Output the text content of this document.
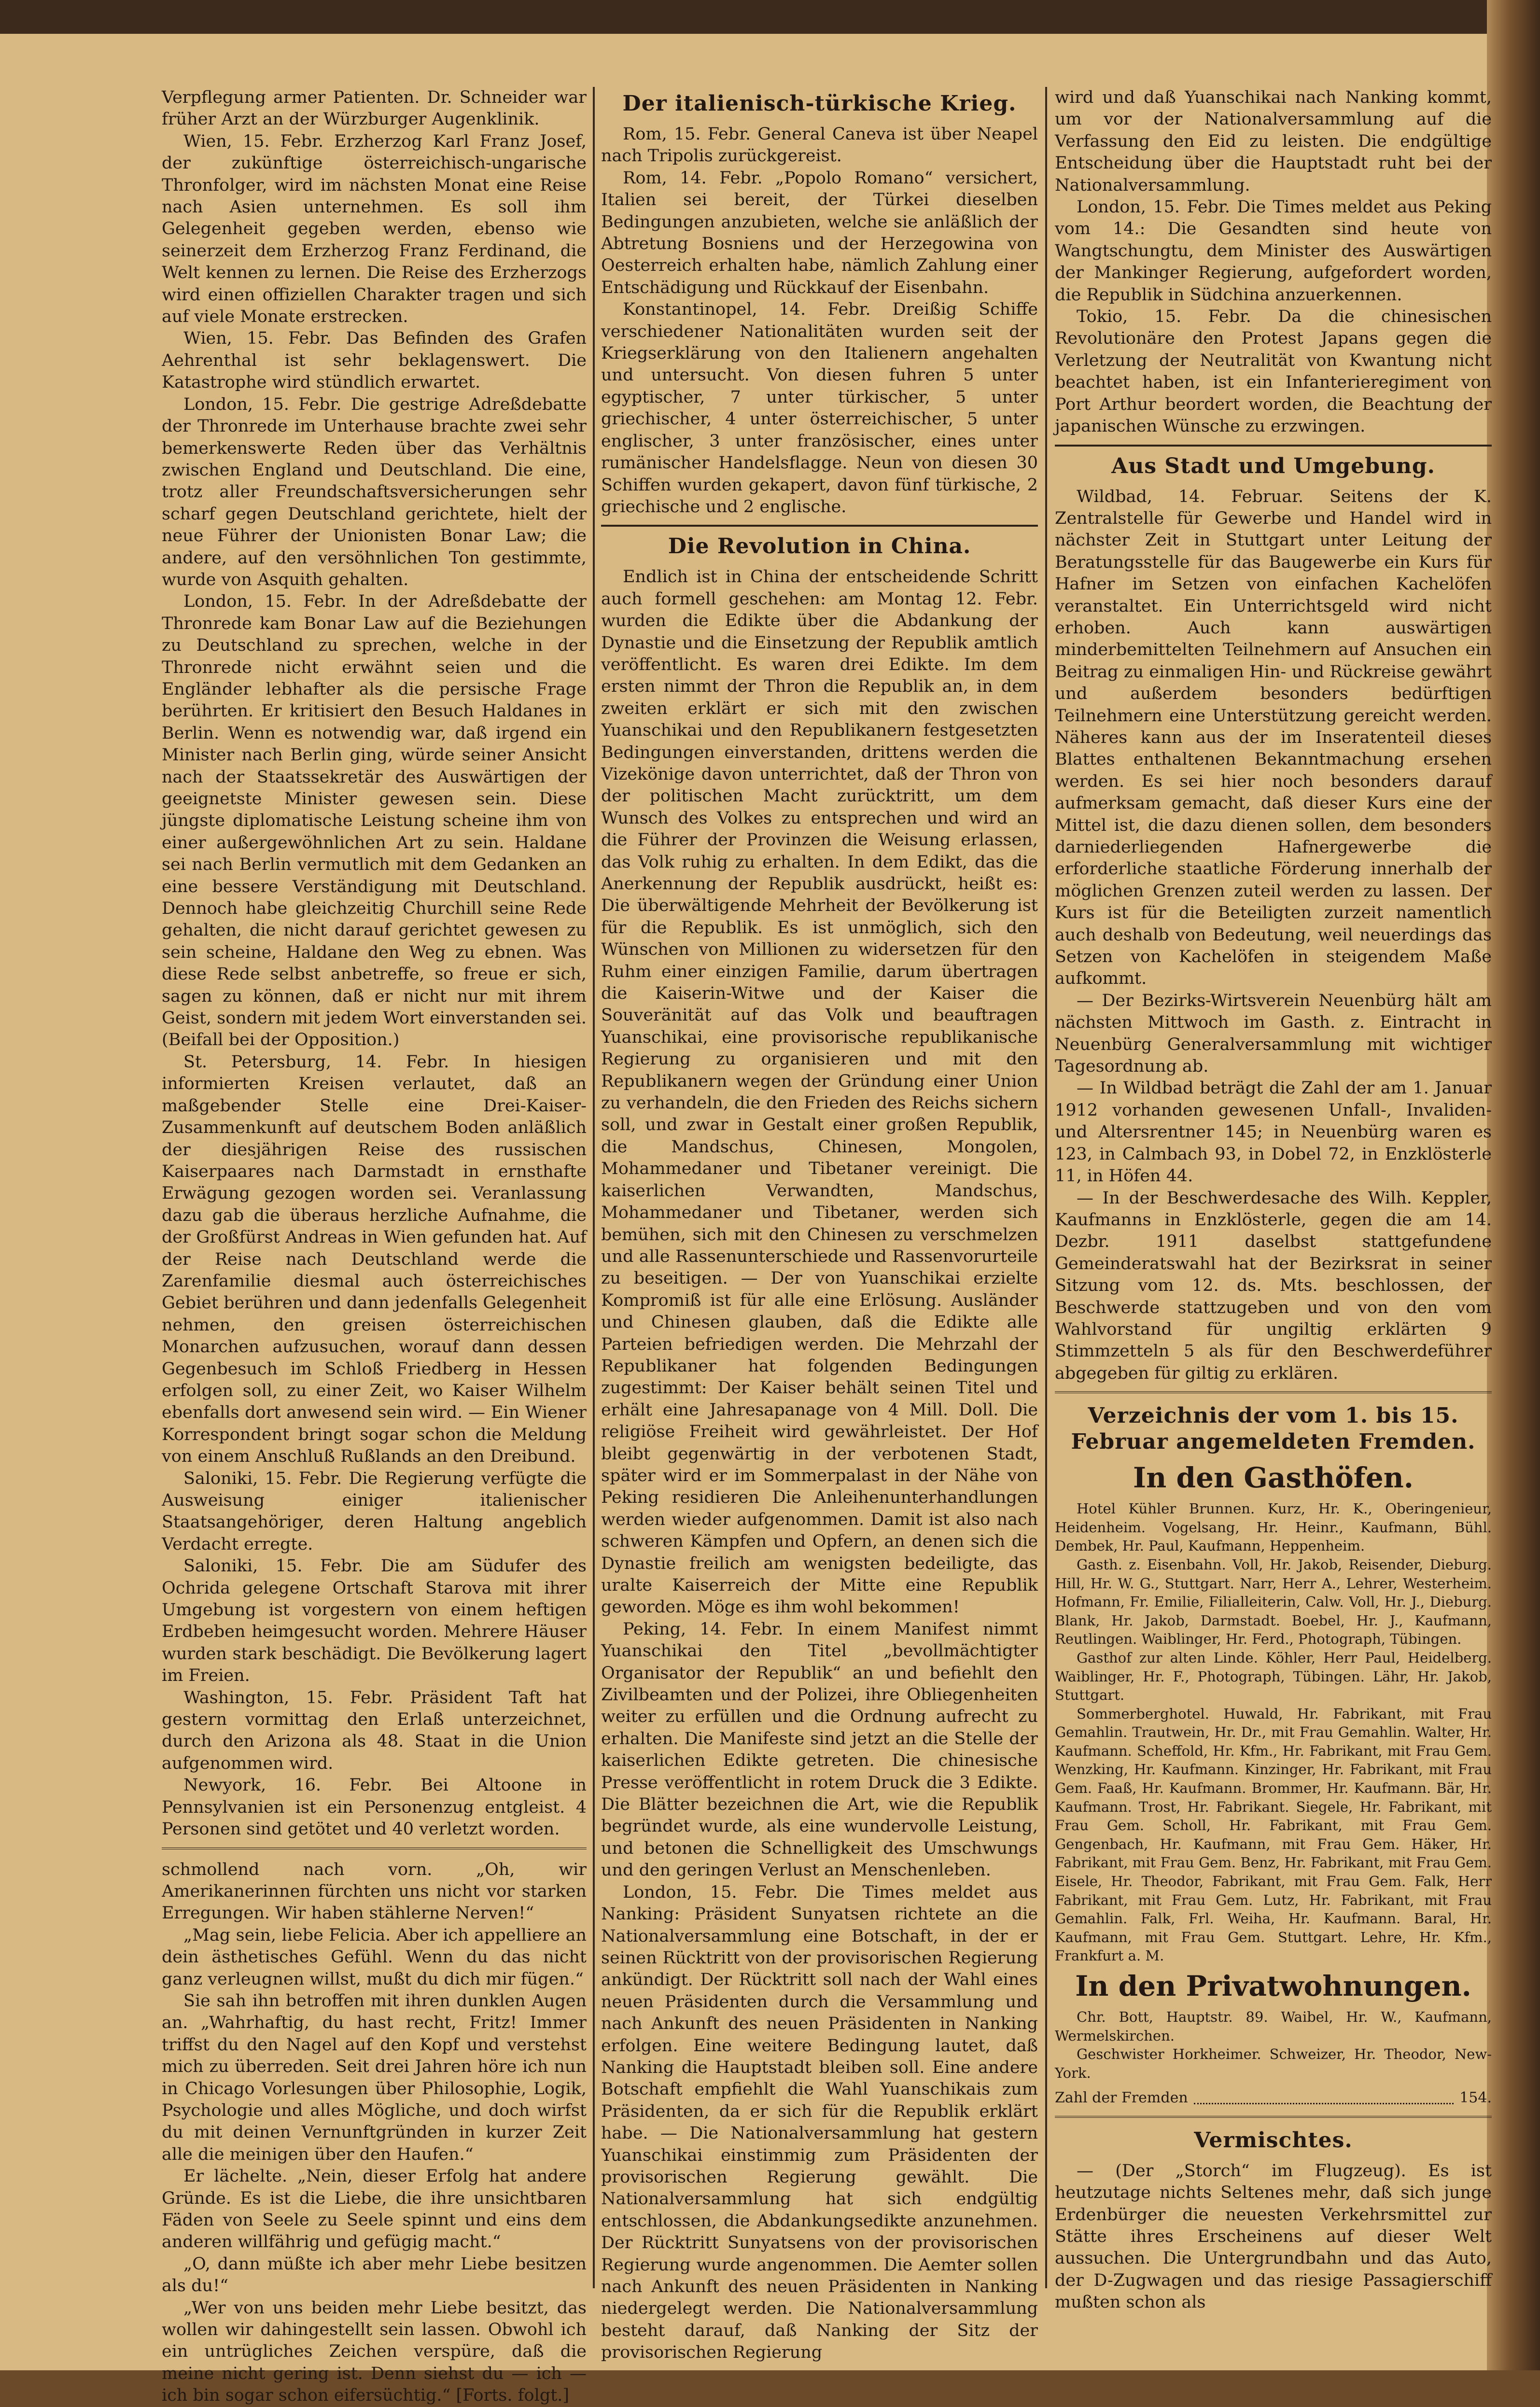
Verpflegung armer Patienten. Dr. Schneider war früher Arzt an der Würzburger Augenklinik.

Wien, 15. Febr. Erzherzog Karl Franz Josef, der zukünftige österreichisch-ungarische Thronfolger, wird im nächsten Monat eine Reise nach Asien unternehmen. Es soll ihm Gelegenheit gegeben werden, ebenso wie seinerzeit dem Erzherzog Franz Ferdinand, die Welt kennen zu lernen. Die Reise des Erzherzogs wird einen offiziellen Charakter tragen und sich auf viele Monate erstrecken.

Wien, 15. Febr. Das Befinden des Grafen Aehrenthal ist sehr beklagenswert. Die Katastrophe wird stündlich erwartet.

London, 15. Febr. Die gestrige Adreßdebatte der Thronrede im Unterhause brachte zwei sehr bemerkenswerte Reden über das Verhältnis zwischen England und Deutschland. Die eine, trotz aller Freundschaftsversicherungen sehr scharf gegen Deutschland gerichtete, hielt der neue Führer der Unionisten Bonar Law; die andere, auf den versöhnlichen Ton gestimmte, wurde von Asquith gehalten.

London, 15. Febr. In der Adreßdebatte der Thronrede kam Bonar Law auf die Beziehungen zu Deutschland zu sprechen, welche in der Thronrede nicht erwähnt seien und die Engländer lebhafter als die persische Frage berührten. Er kritisiert den Besuch Haldanes in Berlin. Wenn es notwendig war, daß irgend ein Minister nach Berlin ging, würde seiner Ansicht nach der Staatssekretär des Auswärtigen der geeignetste Minister gewesen sein. Diese jüngste diplomatische Leistung scheine ihm von einer außergewöhnlichen Art zu sein. Haldane sei nach Berlin vermutlich mit dem Gedanken an eine bessere Verständigung mit Deutschland. Dennoch habe gleichzeitig Churchill seine Rede gehalten, die nicht darauf gerichtet gewesen zu sein scheine, Haldane den Weg zu ebnen. Was diese Rede selbst anbetreffe, so freue er sich, sagen zu können, daß er nicht nur mit ihrem Geist, sondern mit jedem Wort einverstanden sei. (Beifall bei der Opposition.)

St. Petersburg, 14. Febr. In hiesigen informierten Kreisen verlautet, daß an maßgebender Stelle eine Drei-Kaiser-Zusammenkunft auf deutschem Boden anläßlich der diesjährigen Reise des russischen Kaiserpaares nach Darmstadt in ernsthafte Erwägung gezogen worden sei. Veranlassung dazu gab die überaus herzliche Aufnahme, die der Großfürst Andreas in Wien gefunden hat. Auf der Reise nach Deutschland werde die Zarenfamilie diesmal auch österreichisches Gebiet berühren und dann jedenfalls Gelegenheit nehmen, den greisen österreichischen Monarchen aufzusuchen, worauf dann dessen Gegenbesuch im Schloß Friedberg in Hessen erfolgen soll, zu einer Zeit, wo Kaiser Wilhelm ebenfalls dort anwesend sein wird. — Ein Wiener Korrespondent bringt sogar schon die Meldung von einem Anschluß Rußlands an den Dreibund.

Saloniki, 15. Febr. Die Regierung verfügte die Ausweisung einiger italienischer Staatsangehöriger, deren Haltung angeblich Verdacht erregte.

Saloniki, 15. Febr. Die am Südufer des Ochrida gelegene Ortschaft Starova mit ihrer Umgebung ist vorgestern von einem heftigen Erdbeben heimgesucht worden. Mehrere Häuser wurden stark beschädigt. Die Bevölkerung lagert im Freien.

Washington, 15. Febr. Präsident Taft hat gestern vormittag den Erlaß unterzeichnet, durch den Arizona als 48. Staat in die Union aufgenommen wird.

Newyork, 16. Febr. Bei Altoone in Pennsylvanien ist ein Personenzug entgleist. 4 Personen sind getötet und 40 verletzt worden.

schmollend nach vorn. „Oh, wir Amerikanerinnen fürchten uns nicht vor starken Erregungen. Wir haben stählerne Nerven!“

„Mag sein, liebe Felicia. Aber ich appelliere an dein ästhetisches Gefühl. Wenn du das nicht ganz verleugnen willst, mußt du dich mir fügen.“

Sie sah ihn betroffen mit ihren dunklen Augen an. „Wahrhaftig, du hast recht, Fritz! Immer triffst du den Nagel auf den Kopf und verstehst mich zu überreden. Seit drei Jahren höre ich nun in Chicago Vorlesungen über Philosophie, Logik, Psychologie und alles Mögliche, und doch wirfst du mit deinen Vernunftgründen in kurzer Zeit alle die meinigen über den Haufen.“

Er lächelte. „Nein, dieser Erfolg hat andere Gründe. Es ist die Liebe, die ihre unsichtbaren Fäden von Seele zu Seele spinnt und eins dem anderen willfährig und gefügig macht.“

„O, dann müßte ich aber mehr Liebe besitzen als du!“

„Wer von uns beiden mehr Liebe besitzt, das wollen wir dahingestellt sein lassen. Obwohl ich ein untrügliches Zeichen verspüre, daß die meine nicht gering ist. Denn siehst du — ich — ich bin sogar schon eifersüchtig.“ [Forts. folgt.]

Der italienisch-türkische Krieg.

Rom, 15. Febr. General Caneva ist über Neapel nach Tripolis zurückgereist.

Rom, 14. Febr. „Popolo Romano“ versichert, Italien sei bereit, der Türkei dieselben Bedingungen anzubieten, welche sie anläßlich der Abtretung Bosniens und der Herzegowina von Oesterreich erhalten habe, nämlich Zahlung einer Entschädigung und Rückkauf der Eisenbahn.

Konstantinopel, 14. Febr. Dreißig Schiffe verschiedener Nationalitäten wurden seit der Kriegserklärung von den Italienern angehalten und untersucht. Von diesen fuhren 5 unter egyptischer, 7 unter türkischer, 5 unter griechischer, 4 unter österreichischer, 5 unter englischer, 3 unter französischer, eines unter rumänischer Handelsflagge. Neun von diesen 30 Schiffen wurden gekapert, davon fünf türkische, 2 griechische und 2 englische.

Die Revolution in China.

Endlich ist in China der entscheidende Schritt auch formell geschehen: am Montag 12. Febr. wurden die Edikte über die Abdankung der Dynastie und die Einsetzung der Republik amtlich veröffentlicht. Es waren drei Edikte. Im dem ersten nimmt der Thron die Republik an, in dem zweiten erklärt er sich mit den zwischen Yuanschikai und den Republikanern festgesetzten Bedingungen einverstanden, drittens werden die Vizekönige davon unterrichtet, daß der Thron von der politischen Macht zurücktritt, um dem Wunsch des Volkes zu entsprechen und wird an die Führer der Provinzen die Weisung erlassen, das Volk ruhig zu erhalten. In dem Edikt, das die Anerkennung der Republik ausdrückt, heißt es: Die überwältigende Mehrheit der Bevölkerung ist für die Republik. Es ist unmöglich, sich den Wünschen von Millionen zu widersetzen für den Ruhm einer einzigen Familie, darum übertragen die Kaiserin-Witwe und der Kaiser die Souveränität auf das Volk und beauftragen Yuanschikai, eine provisorische republikanische Regierung zu organisieren und mit den Republikanern wegen der Gründung einer Union zu verhandeln, die den Frieden des Reichs sichern soll, und zwar in Gestalt einer großen Republik, die Mandschus, Chinesen, Mongolen, Mohammedaner und Tibetaner vereinigt. Die kaiserlichen Verwandten, Mandschus, Mohammedaner und Tibetaner, werden sich bemühen, sich mit den Chinesen zu verschmelzen und alle Rassenunterschiede und Rassenvorurteile zu beseitigen. — Der von Yuanschikai erzielte Kompromiß ist für alle eine Erlösung. Ausländer und Chinesen glauben, daß die Edikte alle Parteien befriedigen werden. Die Mehrzahl der Republikaner hat folgenden Bedingungen zugestimmt: Der Kaiser behält seinen Titel und erhält eine Jahresapanage von 4 Mill. Doll. Die religiöse Freiheit wird gewährleistet. Der Hof bleibt gegenwärtig in der verbotenen Stadt, später wird er im Sommerpalast in der Nähe von Peking residieren Die Anleihenunterhandlungen werden wieder aufgenommen. Damit ist also nach schweren Kämpfen und Opfern, an denen sich die Dynastie freilich am wenigsten bedeiligte, das uralte Kaiserreich der Mitte eine Republik geworden. Möge es ihm wohl bekommen!

Peking, 14. Febr. In einem Manifest nimmt Yuanschikai den Titel „bevollmächtigter Organisator der Republik“ an und befiehlt den Zivilbeamten und der Polizei, ihre Obliegenheiten weiter zu erfüllen und die Ordnung aufrecht zu erhalten. Die Manifeste sind jetzt an die Stelle der kaiserlichen Edikte getreten. Die chinesische Presse veröffentlicht in rotem Druck die 3 Edikte. Die Blätter bezeichnen die Art, wie die Republik begründet wurde, als eine wundervolle Leistung, und betonen die Schnelligkeit des Umschwungs und den geringen Verlust an Menschenleben.

London, 15. Febr. Die Times meldet aus Nanking: Präsident Sunyatsen richtete an die Nationalversammlung eine Botschaft, in der er seinen Rücktritt von der provisorischen Regierung ankündigt. Der Rücktritt soll nach der Wahl eines neuen Präsidenten durch die Versammlung und nach Ankunft des neuen Präsidenten in Nanking erfolgen. Eine weitere Bedingung lautet, daß Nanking die Hauptstadt bleiben soll. Eine andere Botschaft empfiehlt die Wahl Yuanschikais zum Präsidenten, da er sich für die Republik erklärt habe. — Die Nationalversammlung hat gestern Yuanschikai einstimmig zum Präsidenten der provisorischen Regierung gewählt. Die Nationalversammlung hat sich endgültig entschlossen, die Abdankungsedikte anzunehmen. Der Rücktritt Sunyatsens von der provisorischen Regierung wurde angenommen. Die Aemter sollen nach Ankunft des neuen Präsidenten in Nanking niedergelegt werden. Die Nationalversammlung besteht darauf, daß Nanking der Sitz der provisorischen Regierung

wird und daß Yuanschikai nach Nanking kommt, um vor der Nationalversammlung auf die Verfassung den Eid zu leisten. Die endgültige Entscheidung über die Hauptstadt ruht bei der Nationalversammlung.

London, 15. Febr. Die Times meldet aus Peking vom 14.: Die Gesandten sind heute von Wangtschungtu, dem Minister des Auswärtigen der Mankinger Regierung, aufgefordert worden, die Republik in Südchina anzuerkennen.

Tokio, 15. Febr. Da die chinesischen Revolutionäre den Protest Japans gegen die Verletzung der Neutralität von Kwantung nicht beachtet haben, ist ein Infanterieregiment von Port Arthur beordert worden, die Beachtung der japanischen Wünsche zu erzwingen.

Aus Stadt und Umgebung.

Wildbad, 14. Februar. Seitens der K. Zentralstelle für Gewerbe und Handel wird in nächster Zeit in Stuttgart unter Leitung der Beratungsstelle für das Baugewerbe ein Kurs für Hafner im Setzen von einfachen Kachelöfen veranstaltet. Ein Unterrichtsgeld wird nicht erhoben. Auch kann auswärtigen minderbemittelten Teilnehmern auf Ansuchen ein Beitrag zu einmaligen Hin- und Rückreise gewährt und außerdem besonders bedürftigen Teilnehmern eine Unterstützung gereicht werden. Näheres kann aus der im Inseratenteil dieses Blattes enthaltenen Bekanntmachung ersehen werden. Es sei hier noch besonders darauf aufmerksam gemacht, daß dieser Kurs eine der Mittel ist, die dazu dienen sollen, dem besonders darniederliegenden Hafnergewerbe die erforderliche staatliche Förderung innerhalb der möglichen Grenzen zuteil werden zu lassen. Der Kurs ist für die Beteiligten zurzeit namentlich auch deshalb von Bedeutung, weil neuerdings das Setzen von Kachelöfen in steigendem Maße aufkommt.

— Der Bezirks-Wirtsverein Neuenbürg hält am nächsten Mittwoch im Gasth. z. Eintracht in Neuenbürg Generalversammlung mit wichtiger Tagesordnung ab.

— In Wildbad beträgt die Zahl der am 1. Januar 1912 vorhanden gewesenen Unfall-, Invaliden- und Altersrentner 145; in Neuenbürg waren es 123, in Calmbach 93, in Dobel 72, in Enzklösterle 11, in Höfen 44.

— In der Beschwerdesache des Wilh. Keppler, Kaufmanns in Enzklösterle, gegen die am 14. Dezbr. 1911 daselbst stattgefundene Gemeinderatswahl hat der Bezirksrat in seiner Sitzung vom 12. ds. Mts. beschlossen, der Beschwerde stattzugeben und von den vom Wahlvorstand für ungiltig erklärten 9 Stimmzetteln 5 als für den Beschwerdeführer abgegeben für giltig zu erklären.

Verzeichnis der vom 1. bis 15. Februar angemeldeten Fremden.
In den Gasthöfen.

Hotel Kühler Brunnen. Kurz, Hr. K., Oberingenieur, Heidenheim. Vogelsang, Hr. Heinr., Kaufmann, Bühl. Dembek, Hr. Paul, Kaufmann, Heppenheim.

Gasth. z. Eisenbahn. Voll, Hr. Jakob, Reisender, Dieburg. Hill, Hr. W. G., Stuttgart. Narr, Herr A., Lehrer, Westerheim. Hofmann, Fr. Emilie, Filialleiterin, Calw. Voll, Hr. J., Dieburg. Blank, Hr. Jakob, Darmstadt. Boebel, Hr. J., Kaufmann, Reutlingen. Waiblinger, Hr. Ferd., Photograph, Tübingen.

Gasthof zur alten Linde. Köhler, Herr Paul, Heidelberg. Waiblinger, Hr. F., Photograph, Tübingen. Lähr, Hr. Jakob, Stuttgart.

Sommerberghotel. Huwald, Hr. Fabrikant, mit Frau Gemahlin. Trautwein, Hr. Dr., mit Frau Gemahlin. Walter, Hr. Kaufmann. Scheffold, Hr. Kfm., Hr. Fabrikant, mit Frau Gem. Wenzking, Hr. Kaufmann. Kinzinger, Hr. Fabrikant, mit Frau Gem. Faaß, Hr. Kaufmann. Brommer, Hr. Kaufmann. Bär, Hr. Kaufmann. Trost, Hr. Fabrikant. Siegele, Hr. Fabrikant, mit Frau Gem. Scholl, Hr. Fabrikant, mit Frau Gem. Gengenbach, Hr. Kaufmann, mit Frau Gem. Häker, Hr. Fabrikant, mit Frau Gem. Benz, Hr. Fabrikant, mit Frau Gem. Eisele, Hr. Theodor, Fabrikant, mit Frau Gem. Falk, Herr Fabrikant, mit Frau Gem. Lutz, Hr. Fabrikant, mit Frau Gemahlin. Falk, Frl. Weiha, Hr. Kaufmann. Baral, Hr. Kaufmann, mit Frau Gem. Stuttgart. Lehre, Hr. Kfm., Frankfurt a. M.

In den Privatwohnungen.

Chr. Bott, Hauptstr. 89. Waibel, Hr. W., Kaufmann, Wermelskirchen.

Geschwister Horkheimer. Schweizer, Hr. Theodor, New-York.

Zahl der Fremden	154.
Vermischtes.

— (Der „Storch“ im Flugzeug). Es ist heutzutage nichts Seltenes mehr, daß sich junge Erdenbürger die neuesten Verkehrsmittel zur Stätte ihres Erscheinens auf dieser Welt aussuchen. Die Untergrundbahn und das Auto, der D-Zugwagen und das riesige Passagierschiff mußten schon als
